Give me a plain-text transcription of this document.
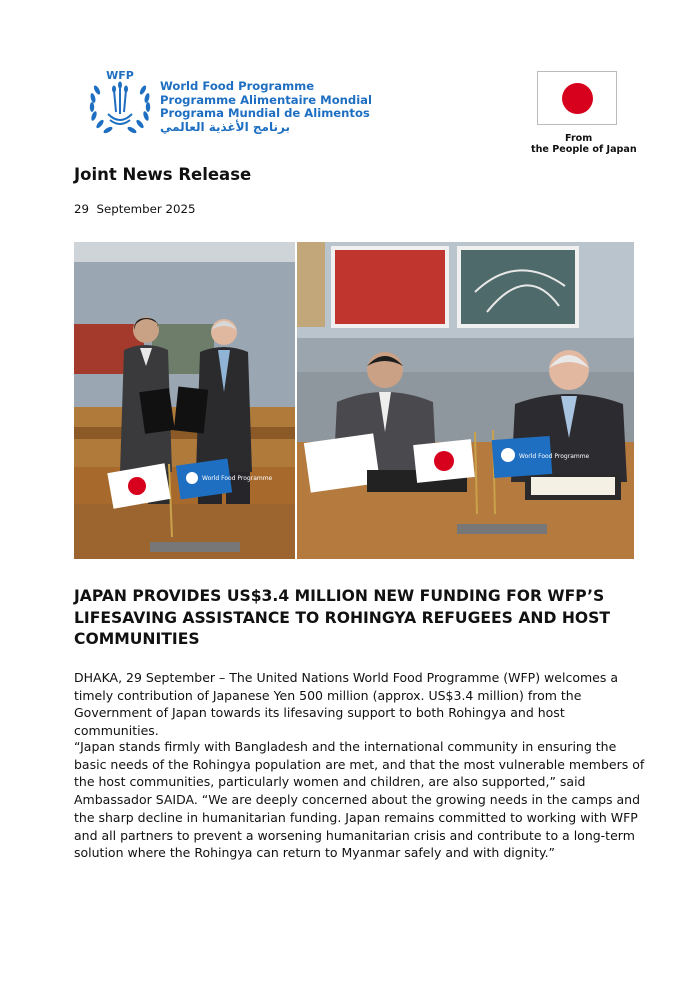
WFP
World Food Programme
Programme Alimentaire Mondial
Programa Mundial de Alimentos
برنامج الأغذية العالمي
From
the People of Japan
Joint News Release
29  September 2025
World Food Programme
World Food Programme
JAPAN PROVIDES US$3.4 MILLION NEW FUNDING FOR WFP’S LIFESAVING ASSISTANCE TO ROHINGYA REFUGEES AND HOST COMMUNITIES

DHAKA, 29 September – The United Nations World Food Programme (WFP) welcomes a timely contribution of Japanese Yen 500 million (approx. US$3.4 million) from the Government of Japan towards its lifesaving support to both Rohingya and host communities.

“Japan stands firmly with Bangladesh and the international community in ensuring the basic needs of the Rohingya population are met, and that the most vulnerable members of the host communities, particularly women and children, are also supported,” said Ambassador SAIDA. “We are deeply concerned about the growing needs in the camps and the sharp decline in humanitarian funding. Japan remains committed to working with WFP and all partners to prevent a worsening humanitarian crisis and contribute to a long-term solution where the Rohingya can return to Myanmar safely and with dignity.”
